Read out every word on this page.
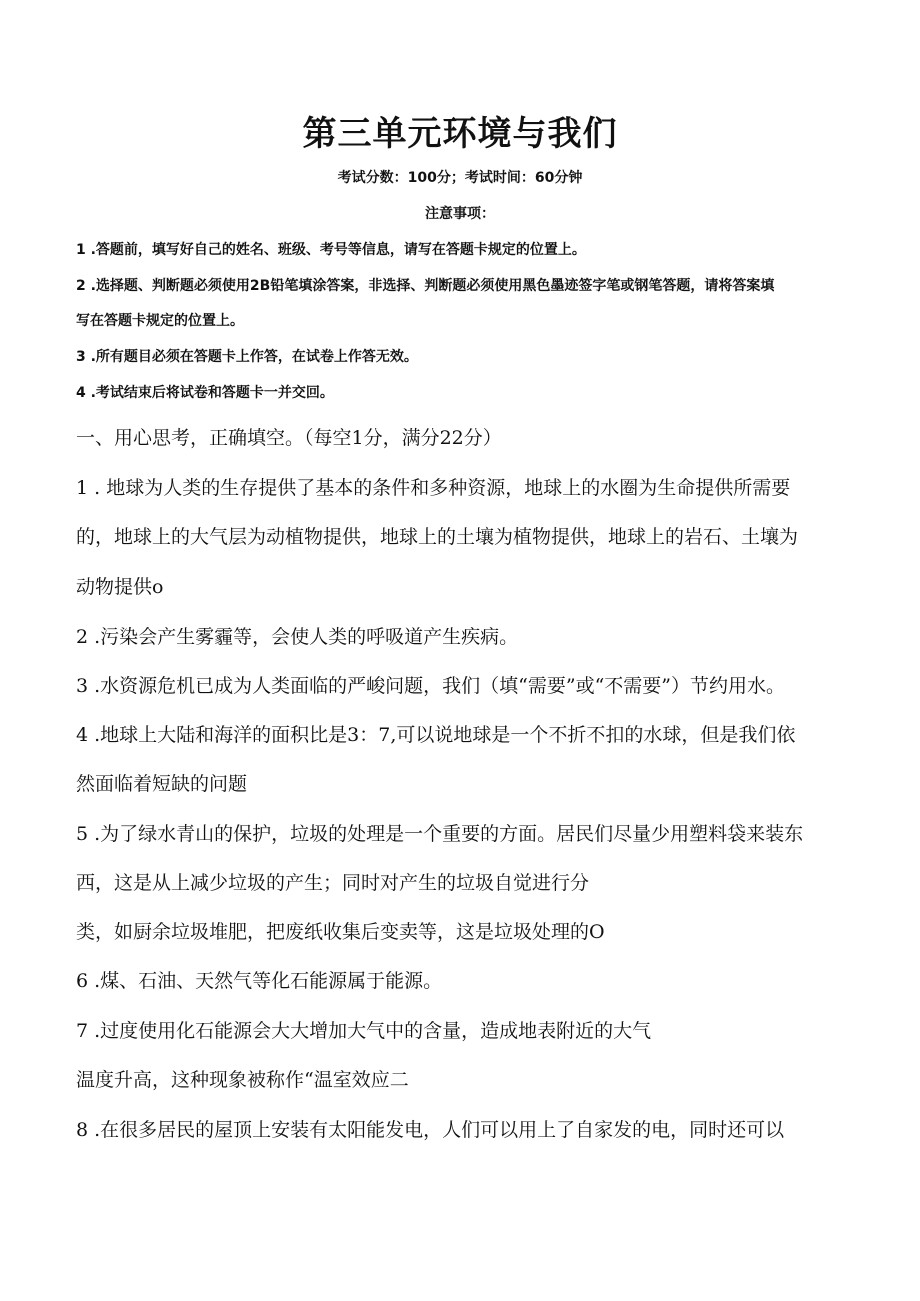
第三单元环境与我们
考试分数：100分；考试时间：60分钟
注意事项：
1 .答题前，填写好自己的姓名、班级、考号等信息，请写在答题卡规定的位置上。
2 .选择题、判断题必须使用2B铅笔填涂答案，非选择、判断题必须使用黑色墨迹签字笔或钢笔答题，请将答案填
写在答题卡规定的位置上。
3 .所有题目必须在答题卡上作答，在试卷上作答无效。
4 .考试结束后将试卷和答题卡一并交回。
一、用心思考，正确填空。（每空1分，满分22分）
1 . 地球为人类的生存提供了基本的条件和多种资源，地球上的水圈为生命提供所需要
的，地球上的大气层为动植物提供，地球上的土壤为植物提供，地球上的岩石、土壤为
动物提供o
2 .污染会产生雾霾等，会使人类的呼吸道产生疾病。
3 .水资源危机已成为人类面临的严峻问题，我们（填“需要”或“不需要”）节约用水。
4 .地球上大陆和海洋的面积比是3：7,可以说地球是一个不折不扣的水球，但是我们依
然面临着短缺的问题
5 .为了绿水青山的保护，垃圾的处理是一个重要的方面。居民们尽量少用塑料袋来装东
西，这是从上减少垃圾的产生；同时对产生的垃圾自觉进行分
类，如厨余垃圾堆肥，把废纸收集后变卖等，这是垃圾处理的O
6 .煤、石油、天然气等化石能源属于能源。
7 .过度使用化石能源会大大增加大气中的含量，造成地表附近的大气
温度升高，这种现象被称作“温室效应二
8 .在很多居民的屋顶上安装有太阳能发电，人们可以用上了自家发的电，同时还可以
